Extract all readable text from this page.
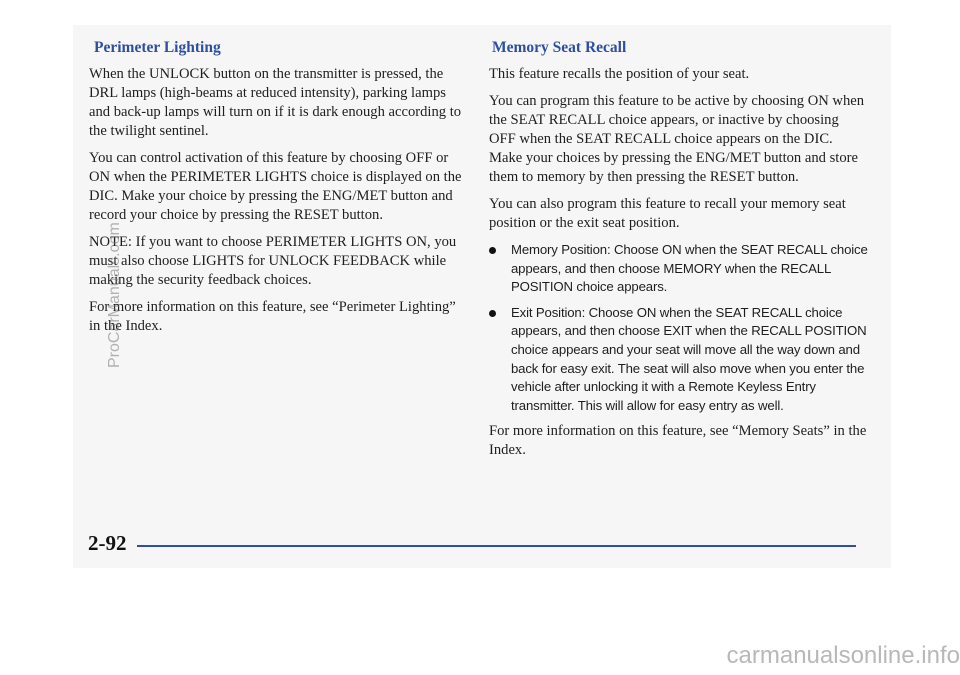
Perimeter Lighting

When the UNLOCK button on the transmitter is pressed, the DRL lamps (high-beams at reduced intensity), parking lamps and back-up lamps will turn on if it is dark enough according to the twilight sentinel.

You can control activation of this feature by choosing OFF or ON when the PERIMETER LIGHTS choice is displayed on the DIC. Make your choice by pressing the ENG/MET button and record your choice by pressing the RESET button.

NOTE: If you want to choose PERIMETER LIGHTS ON, you must also choose LIGHTS for UNLOCK FEEDBACK while making the security feedback choices.

For more information on this feature, see “Perimeter Lighting” in the Index.

Memory Seat Recall

This feature recalls the position of your seat.

You can program this feature to be active by choosing ON when the SEAT RECALL choice appears, or inactive by choosing OFF when the SEAT RECALL choice appears on the DIC. Make your choices by pressing the ENG/MET button and store them to memory by then pressing the RESET button.

You can also program this feature to recall your memory seat position or the exit seat position.

Memory Position: Choose ON when the SEAT RECALL choice appears, and then choose MEMORY when the RECALL POSITION choice appears.
Exit Position: Choose ON when the SEAT RECALL choice appears, and then choose EXIT when the RECALL POSITION choice appears and your seat will move all the way down and back for easy exit. The seat will also move when you enter the vehicle after unlocking it with a Remote Keyless Entry transmitter. This will allow for easy entry as well.

For more information on this feature, see “Memory Seats” in the Index.

2-92
ProCarManuals.com
carmanualsonline.info
